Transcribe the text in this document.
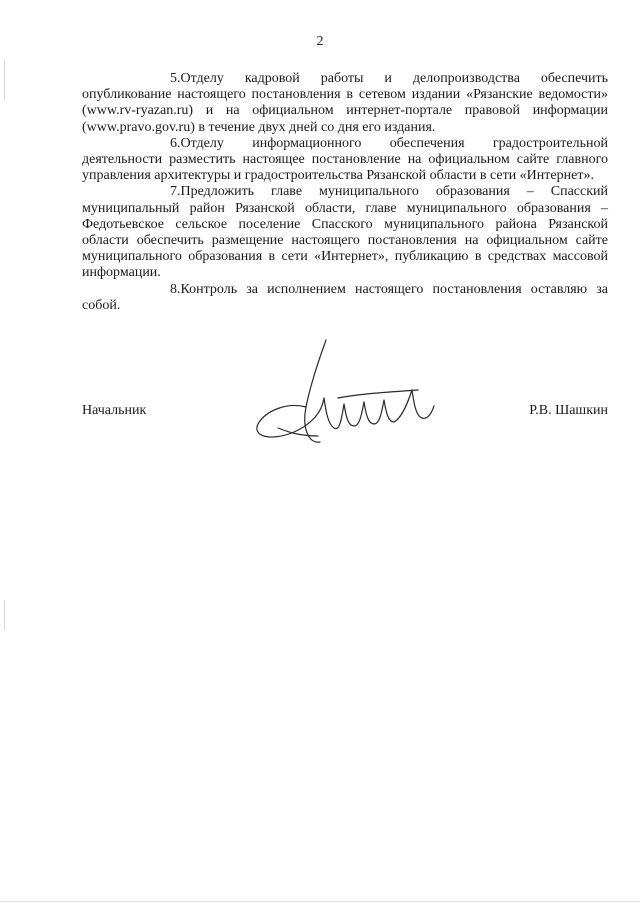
2

5.Отделу кадровой работы и делопроизводства обеспечить опубликование настоящего постановления в сетевом издании «Рязанские ведомости» (www.rv-ryazan.ru) и на официальном интернет-портале правовой информации (www.pravo.gov.ru) в течение двух дней со дня его издания.

6.Отделу информационного обеспечения градостроительной деятельности разместить настоящее постановление на официальном сайте главного управления архитектуры и градостроительства Рязанской области в сети «Интернет».

7.Предложить главе муниципального образования – Спасский муниципальный район Рязанской области, главе муниципального образования – Федотьевское сельское поселение Спасского муниципального района Рязанской области обеспечить размещение настоящего постановления на официальном сайте муниципального образования в сети «Интернет», публикацию в средствах массовой информации.

8.Контроль за исполнением настоящего постановления оставляю за собой.

Начальник	Р.В. Шашкин
